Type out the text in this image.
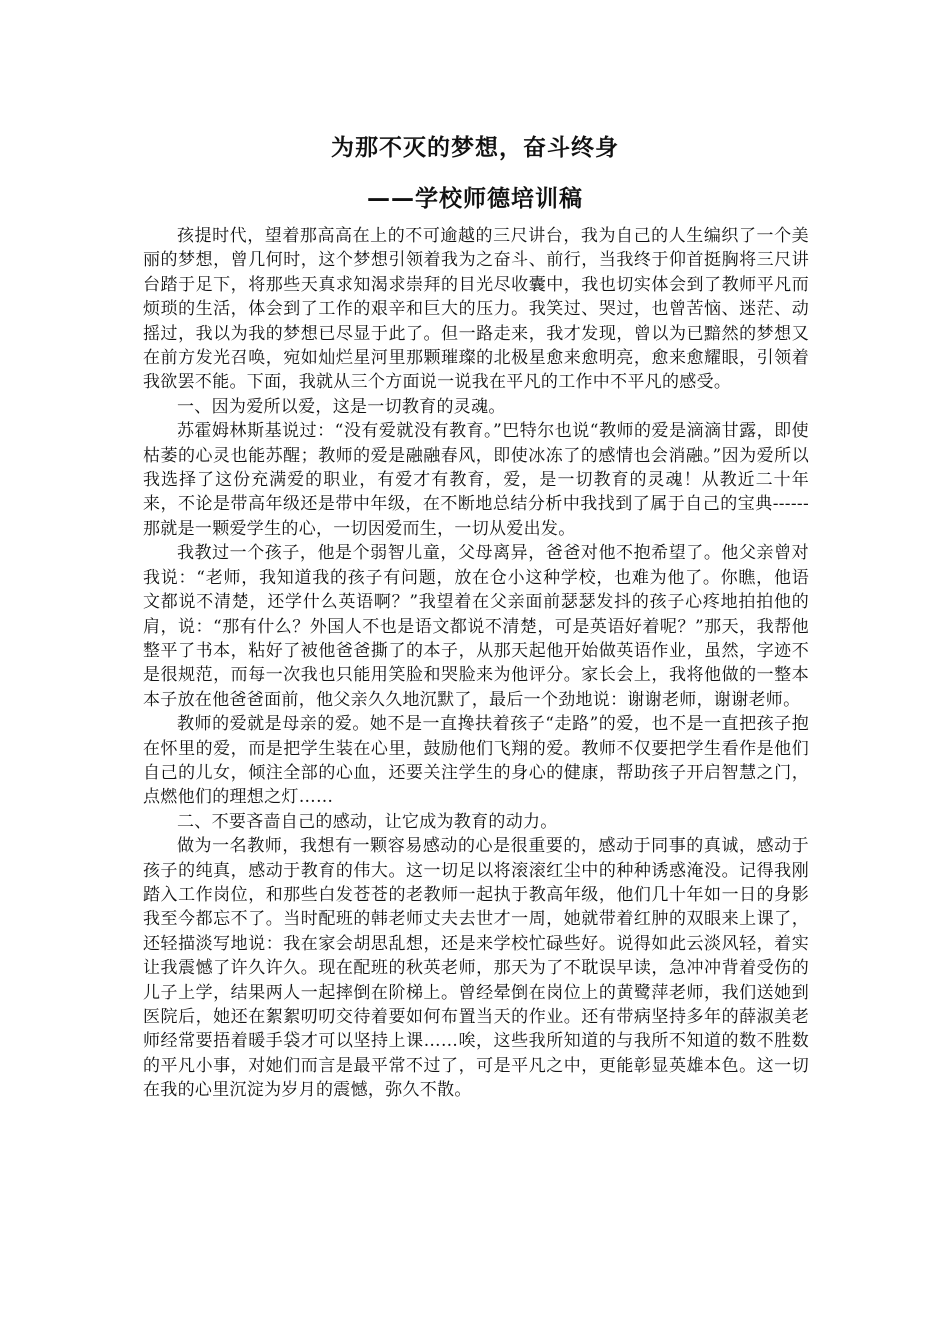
为那不灭的梦想，奋斗终身
——学校师德培训稿

孩提时代，望着那高高在上的不可逾越的三尺讲台，我为自己的人生编织了一个美丽的梦想，曾几何时，这个梦想引领着我为之奋斗、前行，当我终于仰首挺胸将三尺讲台踏于足下，将那些天真求知渴求崇拜的目光尽收囊中，我也切实体会到了教师平凡而烦琐的生活，体会到了工作的艰辛和巨大的压力。我笑过、哭过，也曾苦恼、迷茫、动摇过，我以为我的梦想已尽显于此了。但一路走来，我才发现，曾以为已黯然的梦想又在前方发光召唤，宛如灿烂星河里那颗璀璨的北极星愈来愈明亮，愈来愈耀眼，引领着我欲罢不能。下面，我就从三个方面说一说我在平凡的工作中不平凡的感受。

一、因为爱所以爱，这是一切教育的灵魂。

苏霍姆林斯基说过：“没有爱就没有教育。”巴特尔也说“教师的爱是滴滴甘露，即使枯萎的心灵也能苏醒；教师的爱是融融春风，即使冰冻了的感情也会消融。”因为爱所以我选择了这份充满爱的职业，有爱才有教育，爱，是一切教育的灵魂！从教近二十年来，不论是带高年级还是带中年级，在不断地总结分析中我找到了属于自己的宝典------那就是一颗爱学生的心，一切因爱而生，一切从爱出发。

我教过一个孩子，他是个弱智儿童，父母离异，爸爸对他不抱希望了。他父亲曾对我说：“老师，我知道我的孩子有问题，放在仓小这种学校，也难为他了。你瞧，他语文都说不清楚，还学什么英语啊？”我望着在父亲面前瑟瑟发抖的孩子心疼地拍拍他的肩，说：“那有什么？外国人不也是语文都说不清楚，可是英语好着呢？”那天，我帮他整平了书本，粘好了被他爸爸撕了的本子，从那天起他开始做英语作业，虽然，字迹不是很规范，而每一次我也只能用笑脸和哭脸来为他评分。家长会上，我将他做的一整本本子放在他爸爸面前，他父亲久久地沉默了，最后一个劲地说：谢谢老师，谢谢老师。

教师的爱就是母亲的爱。她不是一直搀扶着孩子“走路”的爱，也不是一直把孩子抱在怀里的爱，而是把学生装在心里，鼓励他们飞翔的爱。教师不仅要把学生看作是他们自己的儿女，倾注全部的心血，还要关注学生的身心的健康，帮助孩子开启智慧之门，点燃他们的理想之灯……

二、不要吝啬自己的感动，让它成为教育的动力。

做为一名教师，我想有一颗容易感动的心是很重要的，感动于同事的真诚，感动于孩子的纯真，感动于教育的伟大。这一切足以将滚滚红尘中的种种诱惑淹没。记得我刚踏入工作岗位，和那些白发苍苍的老教师一起执于教高年级，他们几十年如一日的身影我至今都忘不了。当时配班的韩老师丈夫去世才一周，她就带着红肿的双眼来上课了，还轻描淡写地说：我在家会胡思乱想，还是来学校忙碌些好。说得如此云淡风轻，着实让我震憾了许久许久。现在配班的秋英老师，那天为了不耽误早读，急冲冲背着受伤的儿子上学，结果两人一起摔倒在阶梯上。曾经晕倒在岗位上的黄鹭萍老师，我们送她到医院后，她还在絮絮叨叨交待着要如何布置当天的作业。还有带病坚持多年的薛淑美老师经常要捂着暖手袋才可以坚持上课……唉，这些我所知道的与我所不知道的数不胜数的平凡小事，对她们而言是最平常不过了，可是平凡之中，更能彰显英雄本色。这一切在我的心里沉淀为岁月的震憾，弥久不散。
